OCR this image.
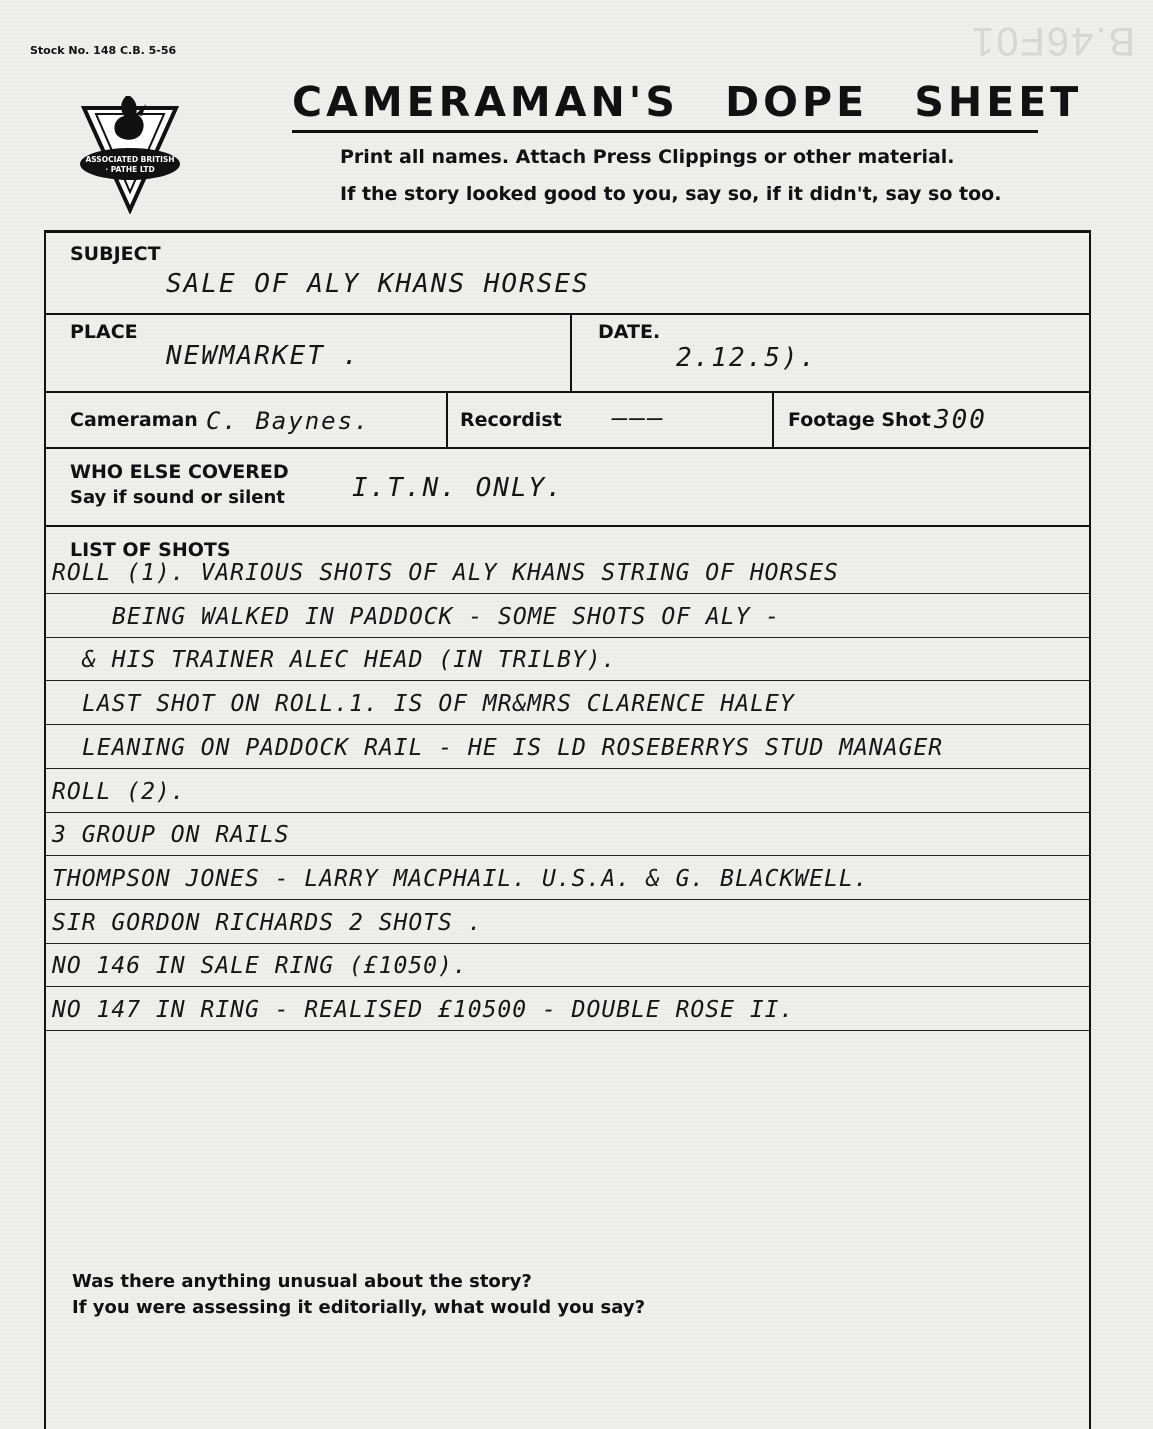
Stock No. 148 C.B. 5-56	B.46F01
ASSOCIATED BRITISH
· PATHE LTD
CAMERAMAN'S DOPE SHEET
Print all names. Attach Press Clippings or other material.
If the story looked good to you, say so, if it didn't, say so too.
SUBJECT
SALE OF ALY KHANS HORSES
PLACE
NEWMARKET .
DATE.
2.12.5).
Cameraman C. Baynes.	Recordist ———	Footage Shot 300
WHO ELSE COVERED
Say if sound or silent	I.T.N. ONLY.
LIST OF SHOTS
Was there anything unusual about the story?
If you were assessing it editorially, what would you say?
ROLL (1). VARIOUS SHOTS OF ALY KHANS STRING OF HORSES
BEING WALKED IN PADDOCK - SOME SHOTS OF ALY -
& HIS TRAINER ALEC HEAD (IN TRILBY).
LAST SHOT ON ROLL.1. IS OF MR&MRS CLARENCE HALEY
LEANING ON PADDOCK RAIL - HE IS LD ROSEBERRYS STUD MANAGER
ROLL (2).
3 GROUP ON RAILS
THOMPSON JONES - LARRY MACPHAIL. U.S.A. & G. BLACKWELL.
SIR GORDON RICHARDS 2 SHOTS .
NO 146 IN SALE RING (£1050).
NO 147 IN RING - REALISED £10500 - DOUBLE ROSE II.
